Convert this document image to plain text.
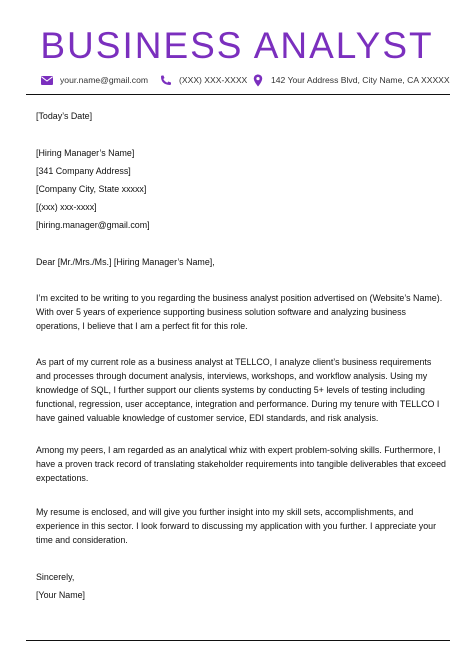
BUSINESS ANALYST
your.name@gmail.com	(XXX) XXX-XXXX	142 Your Address Blvd, City Name, CA XXXXX
[Today’s Date]
[Hiring Manager’s Name]
[341 Company Address]
[Company City, State xxxxx]
[(xxx) xxx-xxxx]
[hiring.manager@gmail.com]
Dear [Mr./Mrs./Ms.] [Hiring Manager’s Name],
I’m excited to be writing to you regarding the business analyst position advertised on (Website’s Name). With over 5 years of experience supporting business solution software and analyzing business operations, I believe that I am a perfect fit for this role.
As part of my current role as a business analyst at TELLCO, I analyze client’s business requirements and processes through document analysis, interviews, workshops, and workflow analysis. Using my knowledge of SQL, I further support our clients systems by conducting 5+ levels of testing including functional, regression, user acceptance, integration and performance. During my tenure with TELLCO I have gained valuable knowledge of customer service, EDI standards, and risk analysis.
Among my peers, I am regarded as an analytical whiz with expert problem-solving skills. Furthermore, I have a proven track record of translating stakeholder requirements into tangible deliverables that exceed expectations.
My resume is enclosed, and will give you further insight into my skill sets, accomplishments, and experience in this sector. I look forward to discussing my application with you further. I appreciate your time and consideration.
Sincerely,
[Your Name]
